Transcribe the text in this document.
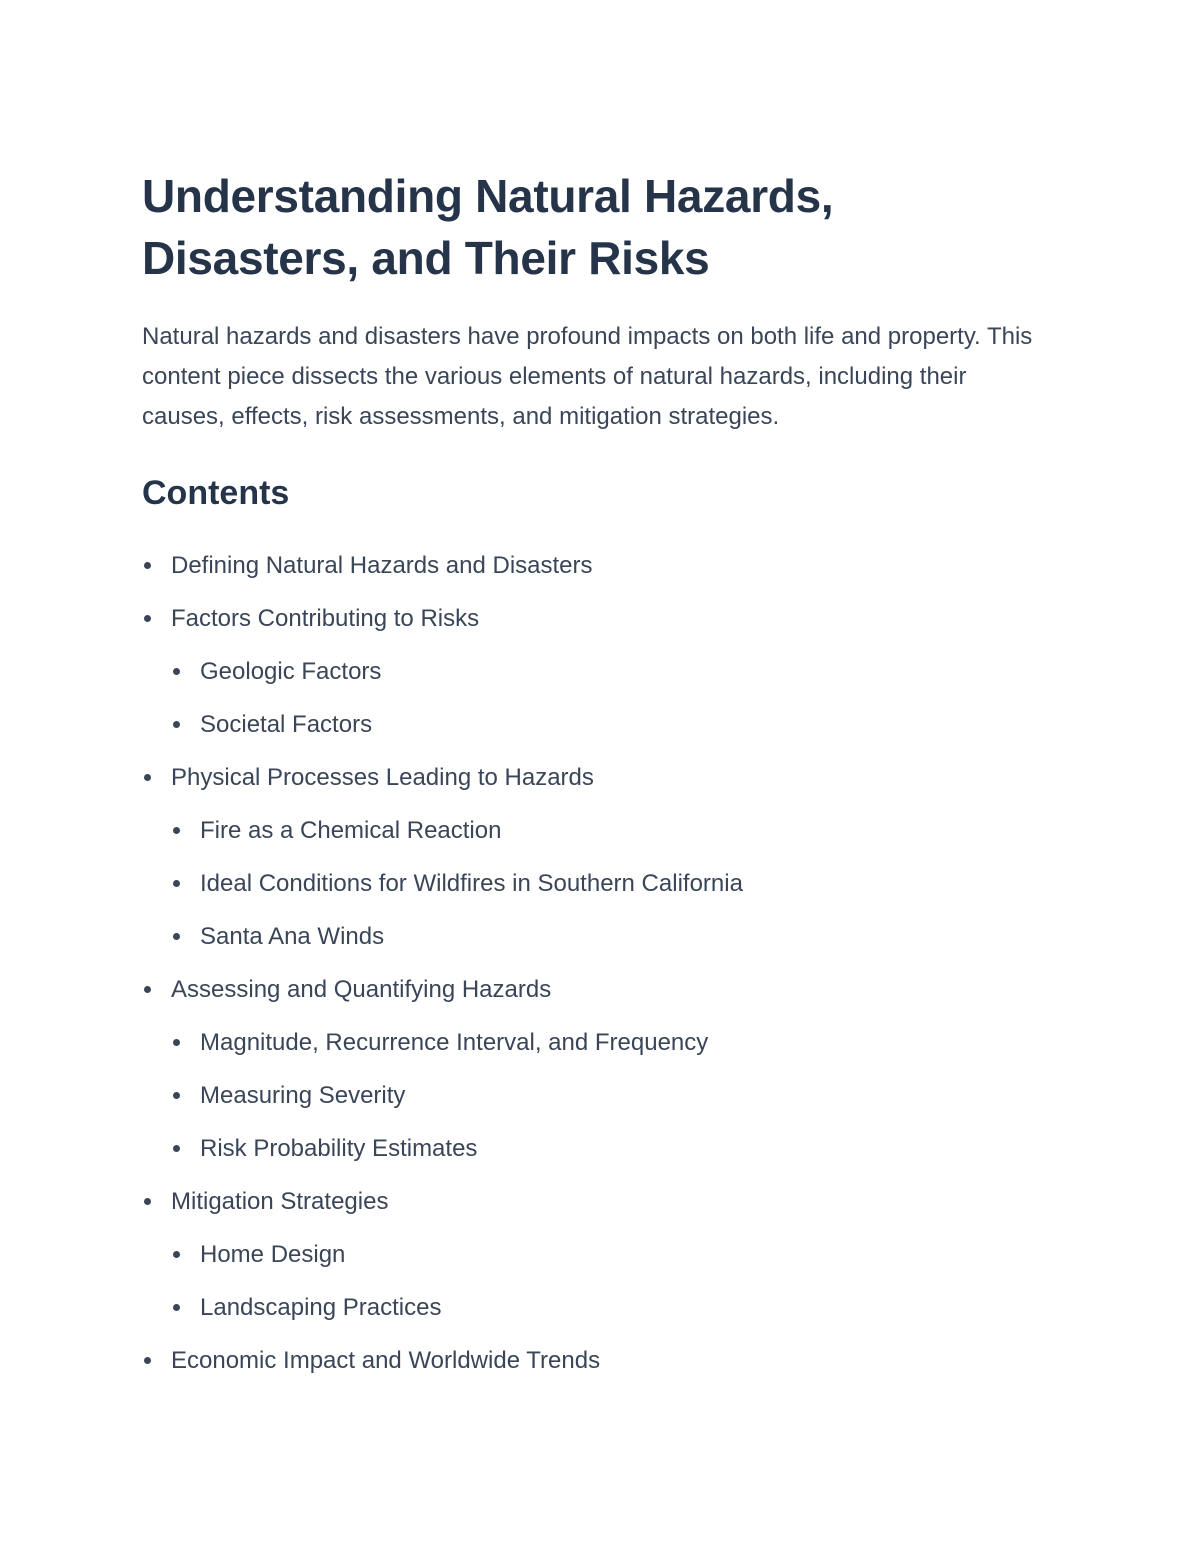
Understanding Natural Hazards, Disasters, and Their Risks

Natural hazards and disasters have profound impacts on both life and property. This content piece dissects the various elements of natural hazards, including their causes, effects, risk assessments, and mitigation strategies.

Contents
Defining Natural Hazards and Disasters
Factors Contributing to Risks
Geologic Factors
Societal Factors
Physical Processes Leading to Hazards
Fire as a Chemical Reaction
Ideal Conditions for Wildfires in Southern California
Santa Ana Winds
Assessing and Quantifying Hazards
Magnitude, Recurrence Interval, and Frequency
Measuring Severity
Risk Probability Estimates
Mitigation Strategies
Home Design
Landscaping Practices
Economic Impact and Worldwide Trends
